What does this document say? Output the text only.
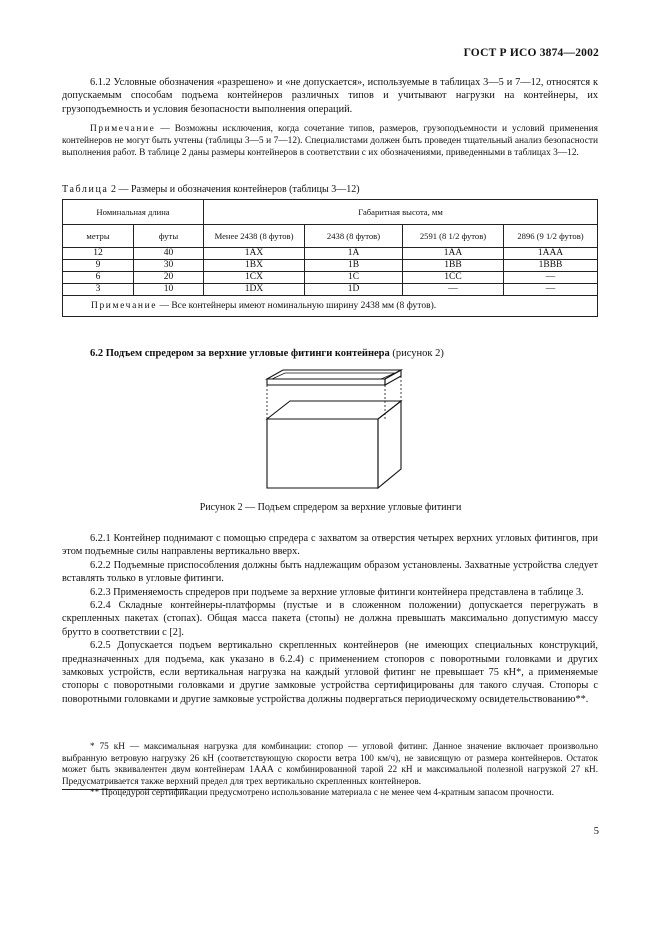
ГОСТ Р ИСО 3874—2002

6.1.2 Условные обозначения «разрешено» и «не допускается», используемые в таблицах 3—5 и 7—12, относятся к допускаемым способам подъема контейнеров различных типов и учитывают нагрузки на контейнеры, их грузоподъемность и условия безопасности выполнения операций.

Примечание — Возможны исключения, когда сочетание типов, размеров, грузоподъемности и условий применения контейнеров не могут быть учтены (таблицы 3—5 и 7—12). Специалистами должен быть проведен тщательный анализ безопасности выполнения работ. В таблице 2 даны размеры контейнеров в соответствии с их обозначениями, приведенными в таблицах 3—12.

Таблица 2 — Размеры и обозначения контейнеров (таблицы 3—12)
Номинальная длина		Габаритная высота, мм			
метры	футы	Менее 2438 (8 футов)	2438 (8 футов)	2591 (8 1/2 футов)	2896 (9 1/2 футов)
12	40	1AX	1A	1AA	1AAA
9	30	1BX	1B	1BB	1BBB
6	20	1CX	1C	1CC	—
3	10	1DX	1D	—	—
Примечание — Все контейнеры имеют номинальную ширину 2438 мм (8 футов).					
6.2 Подъем спредером за верхние угловые фитинги контейнера (рисунок 2)
Рисунок 2 — Подъем спредером за верхние угловые фитинги

6.2.1 Контейнер поднимают с помощью спредера с захватом за отверстия четырех верхних угловых фитингов, при этом подъемные силы направлены вертикально вверх.

6.2.2 Подъемные приспособления должны быть надлежащим образом установлены. Захватные устройства следует вставлять только в угловые фитинги.

6.2.3 Применяемость спредеров при подъеме за верхние угловые фитинги контейнера представлена в таблице 3.

6.2.4 Складные контейнеры-платформы (пустые и в сложенном положении) допускается перегружать в скрепленных пакетах (стопах). Общая масса пакета (стопы) не должна превышать максимально допустимую массу брутто в соответствии с [2].

6.2.5 Допускается подъем вертикально скрепленных контейнеров (не имеющих специальных конструкций, предназначенных для подъема, как указано в 6.2.4) с применением стопоров с поворотными головками и других замковых устройств, если вертикальная нагрузка на каждый угловой фитинг не превышает 75 кН*, а применяемые стопоры с поворотными головками и другие замковые устройства сертифицированы для такого случая. Стопоры с поворотными головками и другие замковые устройства должны подвергаться периодическому освидетельствованию**.

* 75 кН — максимальная нагрузка для комбинации: стопор — угловой фитинг. Данное значение включает произвольно выбранную ветровую нагрузку 26 кН (соответствующую скорости ветра 100 км/ч), не зависящую от размера контейнеров. Остаток может быть эквивалентен двум контейнерам 1AAA с комбинированной тарой 22 кН и максимальной полезной нагрузкой 27 кН. Предусматривается также верхний предел для трех вертикально скрепленных контейнеров.

** Процедурой сертификации предусмотрено использование материала с не менее чем 4-кратным запасом прочности.

5
